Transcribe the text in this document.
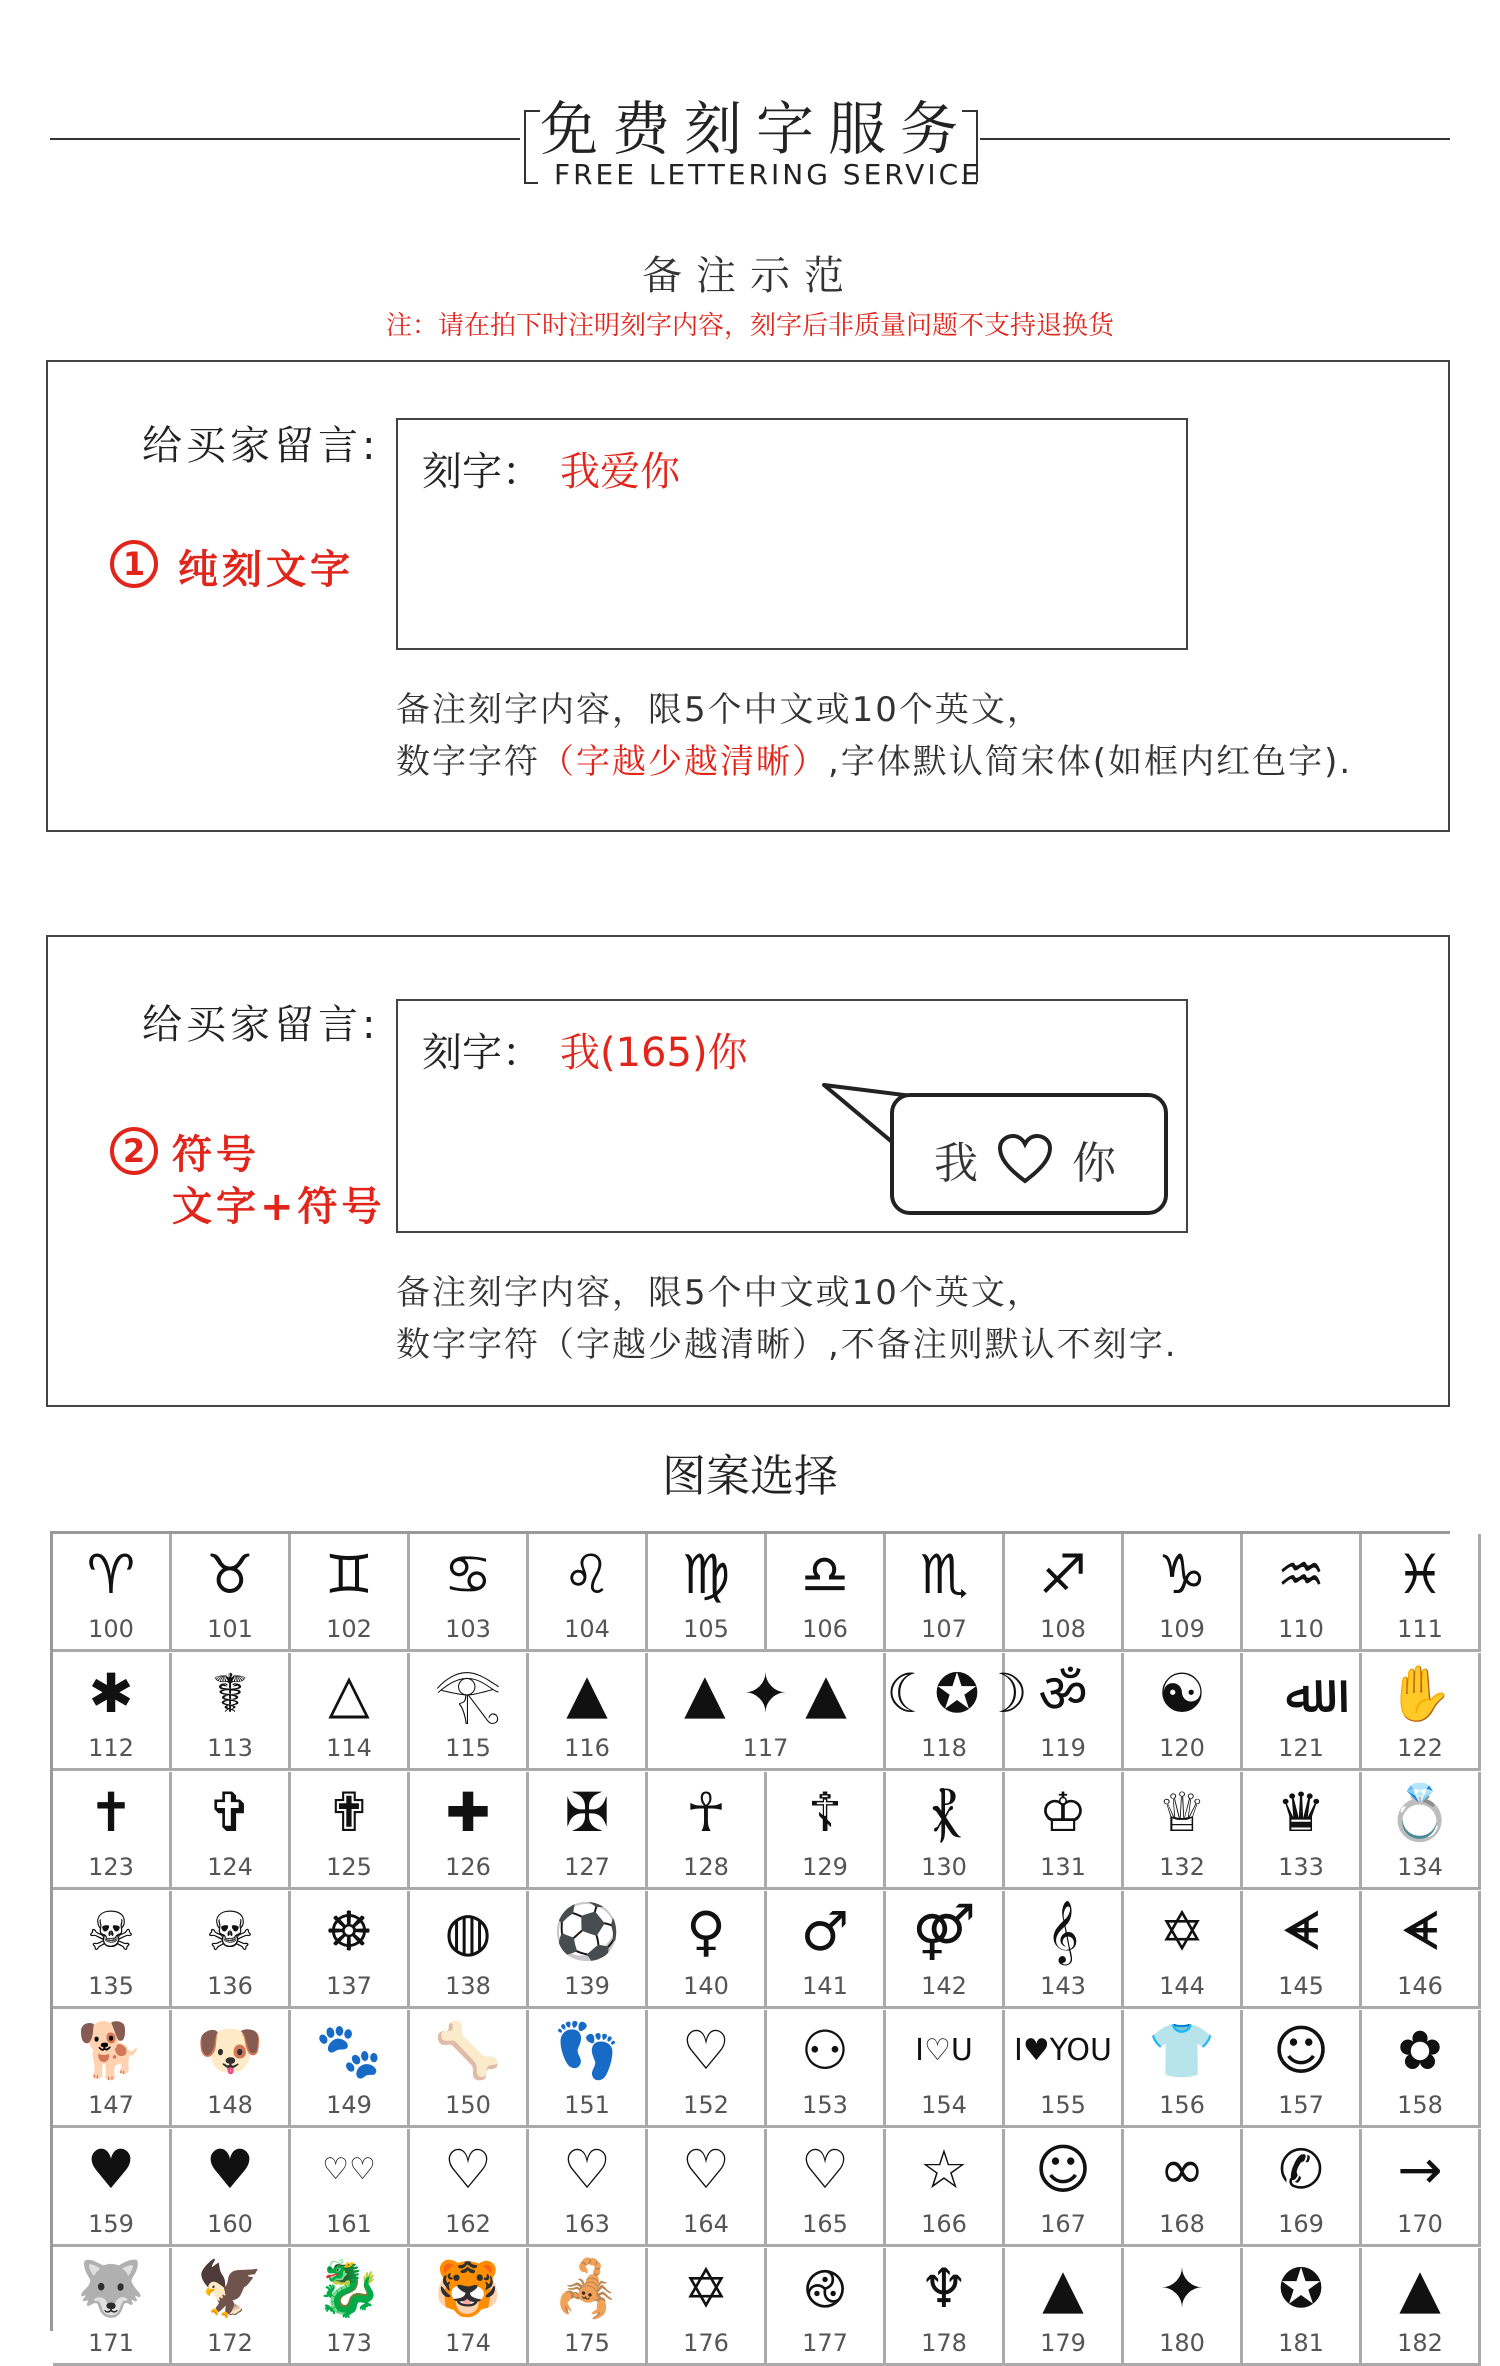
免费刻字服务
FREE LETTERING SERVICE
备注示范
注：请在拍下时注明刻字内容，刻字后非质量问题不支持退换货
给买家留言:
1 纯刻文字
刻字： 我爱你
备注刻字内容，限5个中文或10个英文，
数字字符（字越少越清晰）,字体默认简宋体(如框内红色字).
给买家留言:
2 符号
文字+符号
刻字： 我(165)你
我 你
备注刻字内容，限5个中文或10个英文，
数字字符（字越少越清晰）,不备注则默认不刻字.
图案选择
♈
100
♉
101
♊
102
♋
103
♌
104
♍
105
♎
106
♏
107
♐
108
♑
109
♒
110
♓
111
✱
112
☤
113
△
114
𓂀
115
▲
116
▲ ✦ ▲
117
☾✪☽
118
ॐ
119
☯
120
ﷲ
121
✋
122
✝
123
✞
124
✟
125
✚
126
✠
127
☥
128
☦
129
⳩
130
♔
131
♕
132
♛
133
💍
134
☠
135
☠
136
☸
137
◍
138
⚽
139
♀
140
♂
141
⚤
142
𝄞
143
✡
144
ᗛ
145
ᗛ
146
🐕
147
🐶
148
🐾
149
🦴
150
👣
151
♡
152
⚇
153
I♡U
154
I♥YOU
155
👕
156
☺
157
✿
158
♥
159
♥
160
♡♡
161
♡
162
♡
163
♡
164
♡
165
☆
166
☺
167
∞
168
✆
169
→
170
🐺
171
🦅
172
🐉
173
🐯
174
🦂
175
✡
176
࿋
177
♆
178
▲
179
✦
180
✪
181
▲
182
